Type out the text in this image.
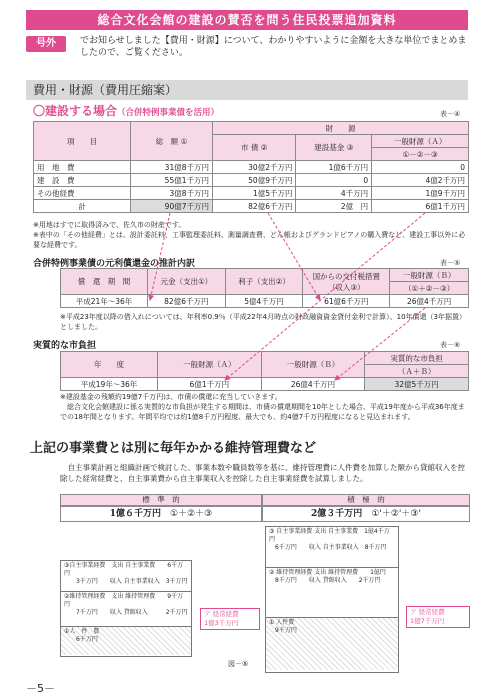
総合文化会館の建設の賛否を問う住民投票追加資料
号外	でお知らせしました【費用・財源】について、わかりやすいように金額を大きな単位でまとめましたので、ご覧ください。
費用・財源（費用圧縮案）
〇建設する場合（合併特例事業債を活用）	表－④
項　　目	総　額 ①	財　　源		
		市 債 ②	建設基金 ③	一般財源（Ａ）
				①－②－③
用　地　費	31億8千万円	30億2千万円	1億6千万円	0
建　設　費	55億1千万円	50億9千万円	0	4億2千万円
その他経費	3億8千万円	1億5千万円	4千万円	1億9千万円
計	90億7千万円	82億6千万円	2億　円	6億1千万円
※用地はすでに取得済みで、佐久市の財産です。
※表中の「その他経費」とは、設計委託料、工事監理委託料、測量調査費、どん帳およびグランドピアノの購入費など、建設工事以外に必要な経費です。
合併特例事業債の元利償還金の推計内訳	表－⑤
償　還　期　間	元金（支出①）	利子（支出②）	国からの交付税措置（収入③）	一般財源（Ｂ）
				（①＋②－③）
平成21年～36年	82億6千万円	5億4千万円	61億6千万円	26億4千万円
※平成23年度以降の借入れについては、年利率0.9％（平成22年4月時点の財政融資資金貸付金利で計算）、10年償還（3年据置）としました。
実質的な市負担	表－⑥
年　　度	一般財源（Ａ）	一般財源（Ｂ）	実質的な市負担
			（Ａ＋Ｂ）
平成19年～36年	6億1千万円	26億4千万円	32億5千万円
※建設基金の残額約19億7千万円は、市債の償還に充当していきます。
総合文化会館建設に係る実質的な市負担が発生する期間は、市債の償還期間を10年とした場合、平成19年度から平成36年度までの18年間となります。年間平均では約1億8千万円程度、最大でも、約4億7千万円程度になると見込まれます。
上記の事業費とは別に毎年かかる維持管理費など
自主事業計画と組織計画で検討した、事業本数や職員数等を基に、維持管理費に人件費を加算した額から貸館収入を控除した経常経費と、自主事業費から自主事業収入を控除した自主事業経費を試算しました。
標　準　的
1億６千万円　 ①＋②＋③
③自主事業経費　支出 自主事業費　　6千万円
　　3千万円　　収入 自主事業収入　3千万円
②維持管理経費　支出 維持管理費　　9千万円
　　7千万円　　収入 貸館収入　　　2千万円
①人　件　費
　　6千万円
ア 経常経費
1億3千万円
積　極　的
2億３千万円　 ①'＋②'＋③'
③ 自主事業経費 支出 自主事業費　1億4千万円
　6千万円　　収入 自主事業収入　8千万円
② 維持管理経費 支出 維持管理費　　1億円
　8千万円　　収入 貸館収入　　2千万円
① 人件費
　9千万円
ア 経常経費
1億7千万円
図－⑤
－5－
